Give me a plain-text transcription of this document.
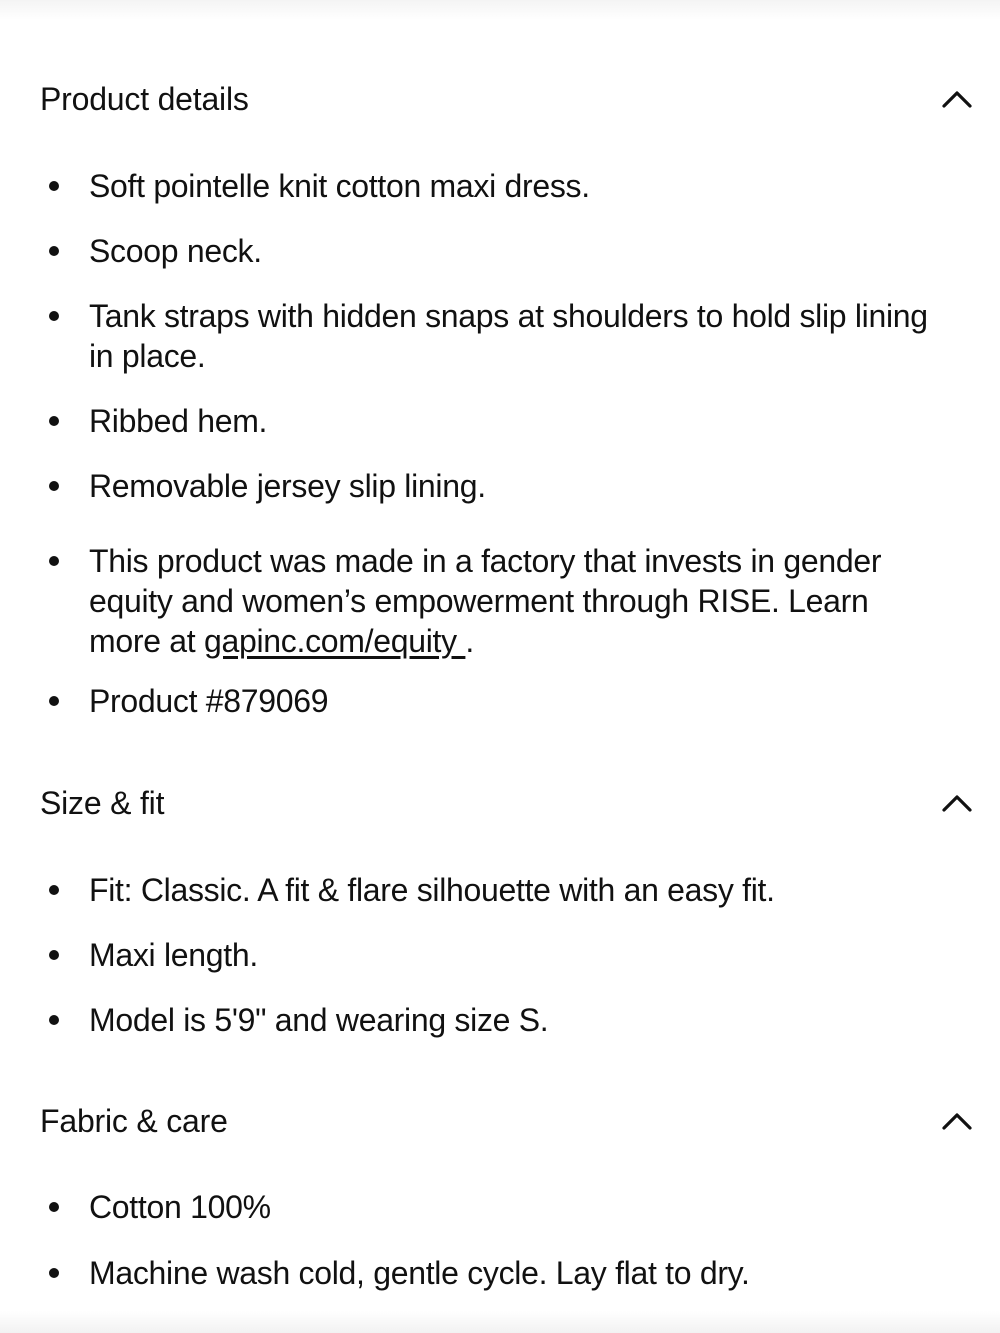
Product details
Soft pointelle knit cotton maxi dress.
Scoop neck.
Tank straps with hidden snaps at shoulders to hold slip lining in place.
Ribbed hem.
Removable jersey slip lining.
This product was made in a factory that invests in gender equity and women’s empowerment through RISE. Learn more at gapinc.com/equity .
Product #879069
Size & fit
Fit: Classic. A fit & flare silhouette with an easy fit.
Maxi length.
Model is 5'9" and wearing size S.
Fabric & care
Cotton 100%
Machine wash cold, gentle cycle. Lay flat to dry.
